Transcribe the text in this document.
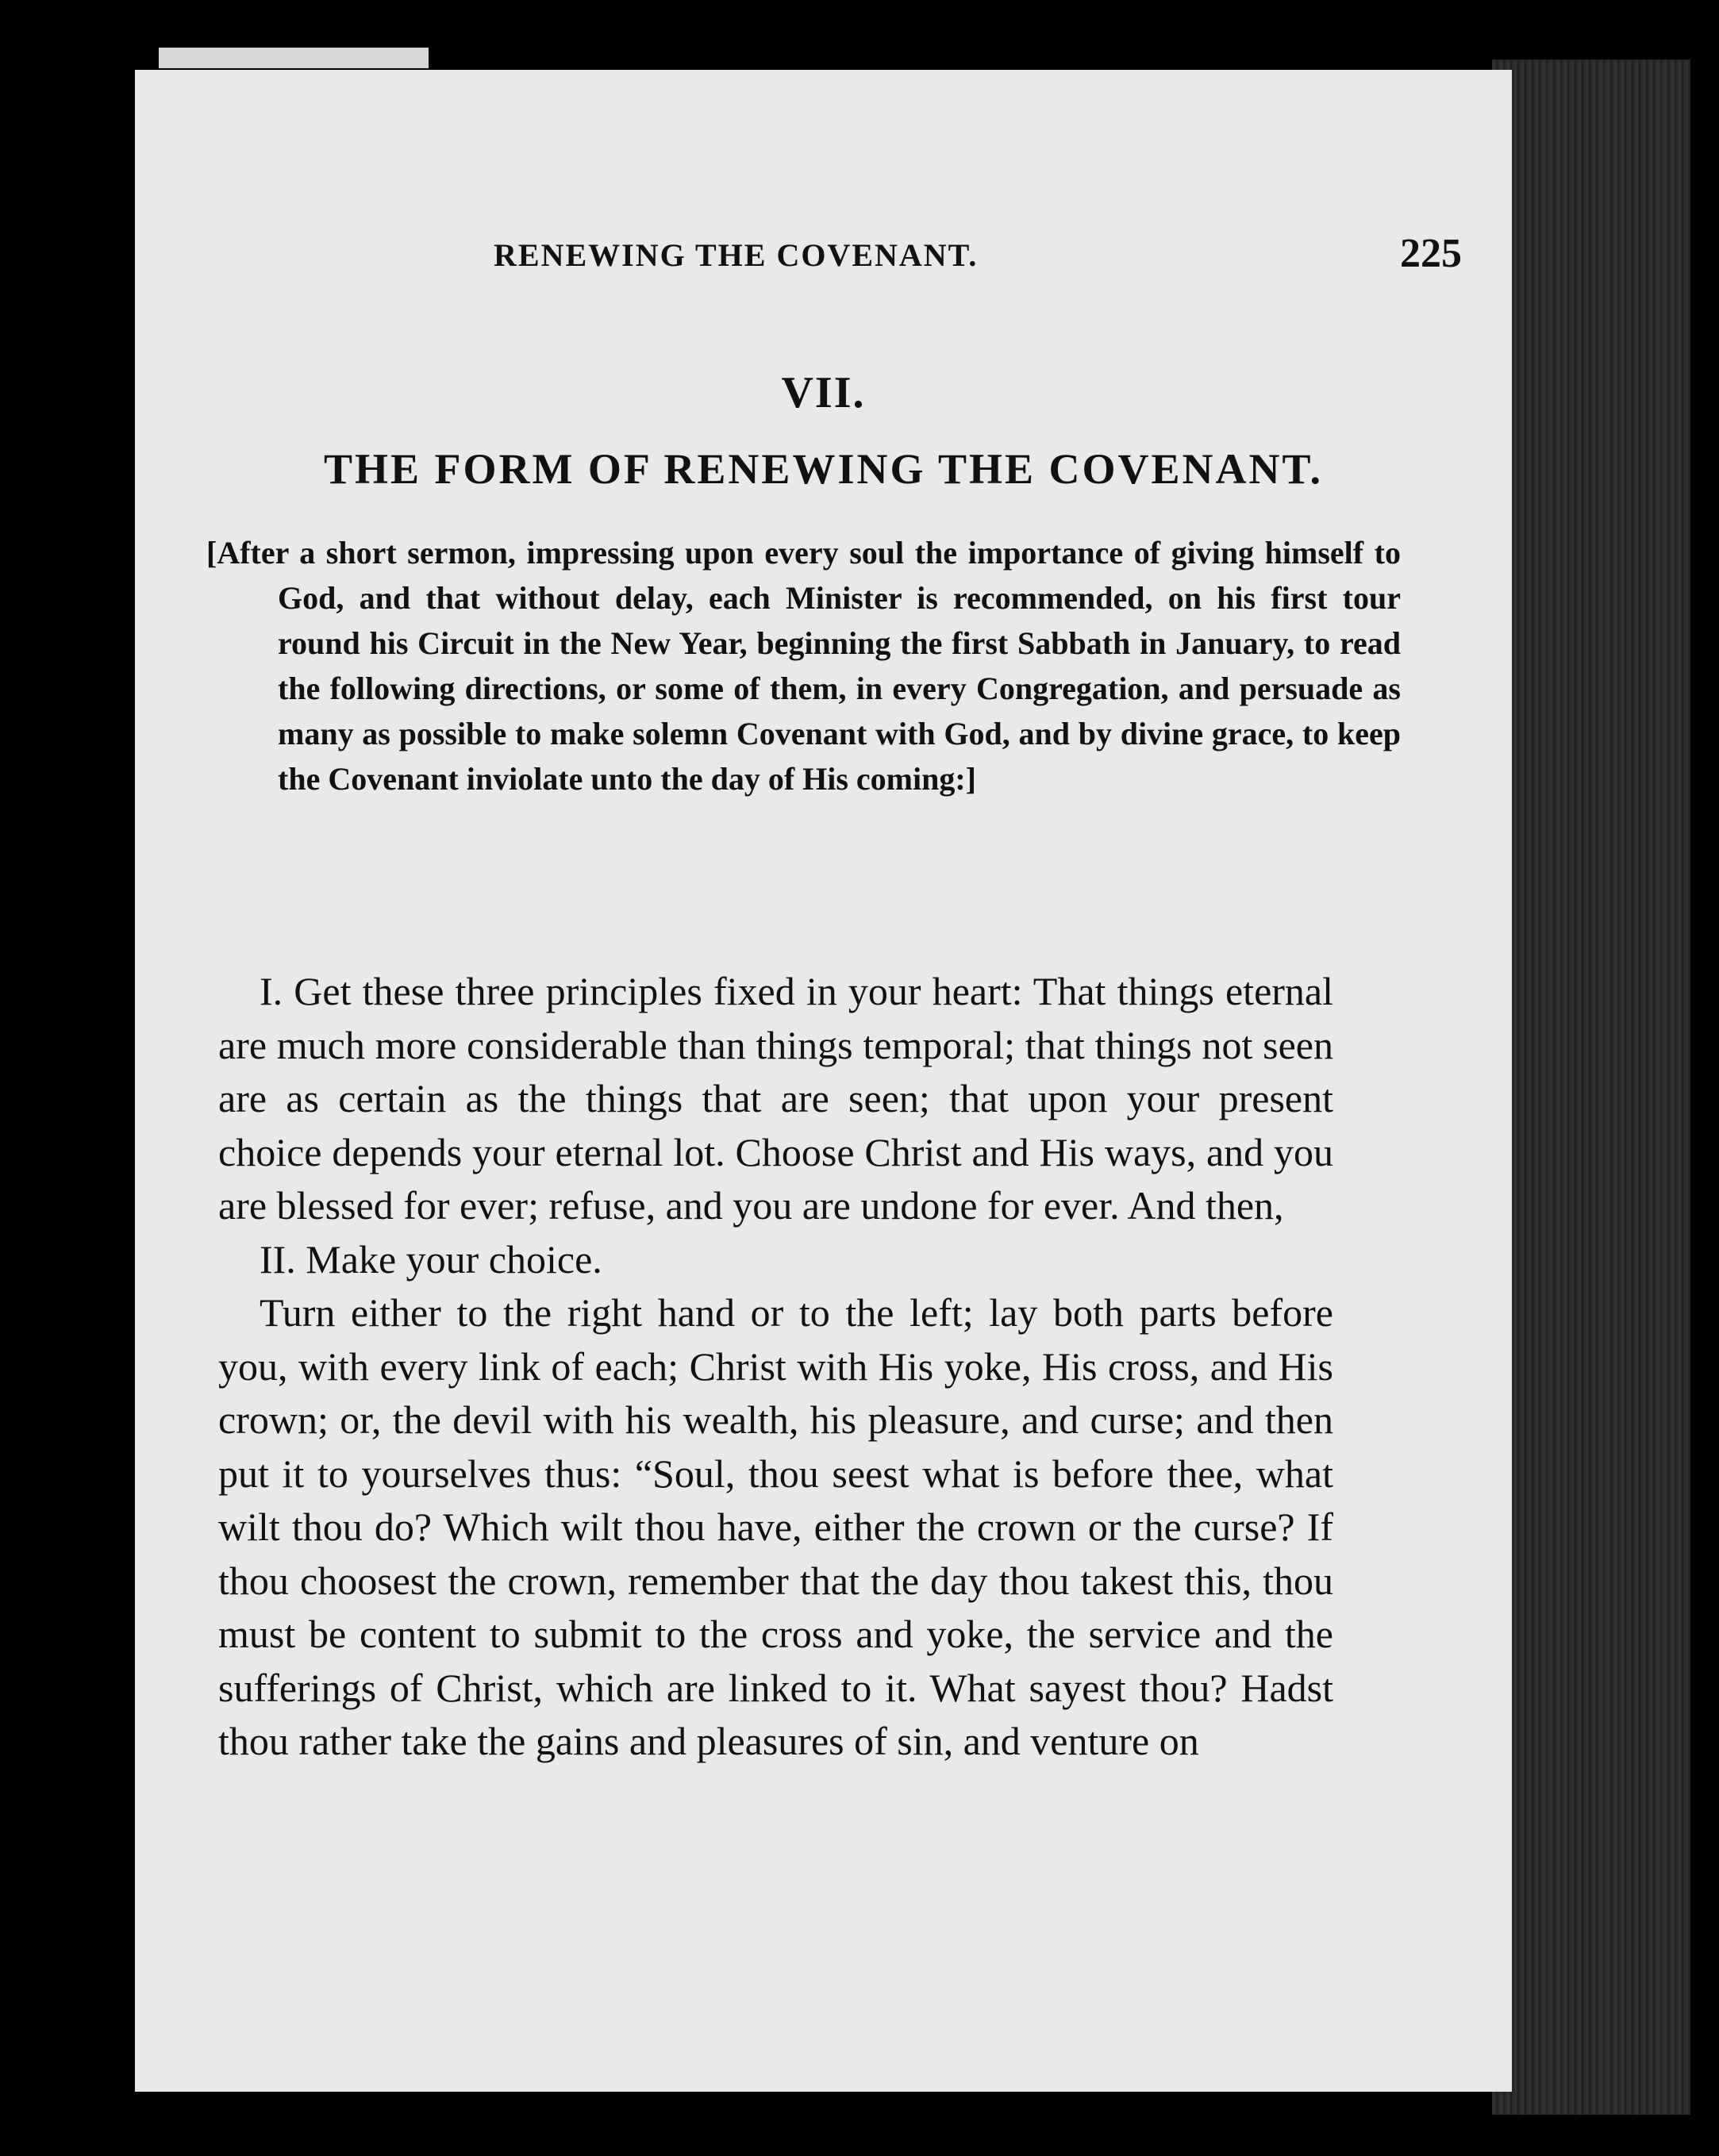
RENEWING THE COVENANT.	225
VII.
THE FORM OF RENEWING THE COVENANT.
[After a short sermon, impressing upon every soul the importance of giving himself to God, and that without delay, each Minister is recommended, on his first tour round his Circuit in the New Year, beginning the first Sabbath in January, to read the following directions, or some of them, in every Congregation, and persuade as many as possible to make solemn Covenant with God, and by divine grace, to keep the Covenant inviolate unto the day of His coming:]

I. Get these three principles fixed in your heart: That things eternal are much more considerable than things temporal; that things not seen are as certain as the things that are seen; that upon your present choice depends your eternal lot. Choose Christ and His ways, and you are blessed for ever; refuse, and you are undone for ever. And then,

II. Make your choice.

Turn either to the right hand or to the left; lay both parts before you, with every link of each; Christ with His yoke, His cross, and His crown; or, the devil with his wealth, his pleasure, and curse; and then put it to yourselves thus: “Soul, thou seest what is before thee, what wilt thou do? Which wilt thou have, either the crown or the curse? If thou choosest the crown, remember that the day thou takest this, thou must be content to submit to the cross and yoke, the service and the sufferings of Christ, which are linked to it. What sayest thou? Hadst thou rather take the gains and pleasures of sin, and venture on
